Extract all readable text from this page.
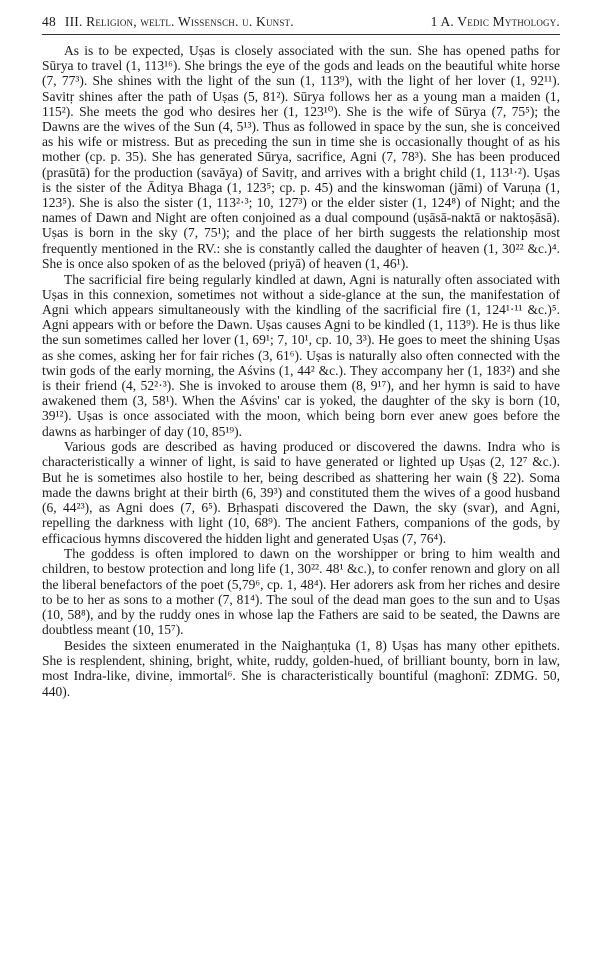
48 III. Religion, weltl. Wissensch. u. Kunst.	1 A. Vedic Mythology.

As is to be expected, Uṣas is closely associated with the sun. She has opened paths for Sūrya to travel (1, 113¹⁶). She brings the eye of the gods and leads on the beautiful white horse (7, 77³). She shines with the light of the sun (1, 113⁹), with the light of her lover (1, 92¹¹). Savitṛ shines after the path of Uṣas (5, 81²). Sūrya follows her as a young man a maiden (1, 115²). She meets the god who desires her (1, 123¹⁰). She is the wife of Sūrya (7, 75⁵); the Dawns are the wives of the Sun (4, 5¹³). Thus as followed in space by the sun, she is conceived as his wife or mistress. But as preceding the sun in time she is occasionally thought of as his mother (cp. p. 35). She has generated Sūrya, sacrifice, Agni (7, 78³). She has been produced (prasūtā) for the production (savāya) of Savitṛ, and arrives with a bright child (1, 113¹·²). Uṣas is the sister of the Āditya Bhaga (1, 123⁵; cp. p. 45) and the kinswoman (jāmi) of Varuṇa (1, 123⁵). She is also the sister (1, 113²·³; 10, 127³) or the elder sister (1, 124⁸) of Night; and the names of Dawn and Night are often conjoined as a dual compound (uṣāsā-naktā or naktoṣāsā). Uṣas is born in the sky (7, 75¹); and the place of her birth suggests the relationship most frequently mentioned in the RV.: she is constantly called the daughter of heaven (1, 30²² &c.)⁴. She is once also spoken of as the beloved (priyā) of heaven (1, 46¹).

The sacrificial fire being regularly kindled at dawn, Agni is naturally often associated with Uṣas in this connexion, sometimes not without a side-glance at the sun, the manifestation of Agni which appears simultaneously with the kindling of the sacrificial fire (1, 124¹·¹¹ &c.)⁵. Agni appears with or before the Dawn. Uṣas causes Agni to be kindled (1, 113⁹). He is thus like the sun sometimes called her lover (1, 69¹; 7, 10¹, cp. 10, 3³). He goes to meet the shining Uṣas as she comes, asking her for fair riches (3, 61⁶). Uṣas is naturally also often connected with the twin gods of the early morning, the Aśvins (1, 44² &c.). They accompany her (1, 183²) and she is their friend (4, 52²·³). She is invoked to arouse them (8, 9¹⁷), and her hymn is said to have awakened them (3, 58¹). When the Aśvins' car is yoked, the daughter of the sky is born (10, 39¹²). Uṣas is once associated with the moon, which being born ever anew goes before the dawns as harbinger of day (10, 85¹⁹).

Various gods are described as having produced or discovered the dawns. Indra who is characteristically a winner of light, is said to have generated or lighted up Uṣas (2, 12⁷ &c.). But he is sometimes also hostile to her, being described as shattering her wain (§ 22). Soma made the dawns bright at their birth (6, 39³) and constituted them the wives of a good husband (6, 44²³), as Agni does (7, 6⁵). Bṛhaspati discovered the Dawn, the sky (svar), and Agni, repelling the darkness with light (10, 68⁹). The ancient Fathers, companions of the gods, by efficacious hymns discovered the hidden light and generated Uṣas (7, 76⁴).

The goddess is often implored to dawn on the worshipper or bring to him wealth and children, to bestow protection and long life (1, 30²². 48¹ &c.), to confer renown and glory on all the liberal benefactors of the poet (5,79⁶, cp. 1, 48⁴). Her adorers ask from her riches and desire to be to her as sons to a mother (7, 81⁴). The soul of the dead man goes to the sun and to Uṣas (10, 58⁸), and by the ruddy ones in whose lap the Fathers are said to be seated, the Dawns are doubtless meant (10, 15⁷).

Besides the sixteen enumerated in the Naighaṇṭuka (1, 8) Uṣas has many other epithets. She is resplendent, shining, bright, white, ruddy, golden-hued, of brilliant bounty, born in law, most Indra-like, divine, immortal⁶. She is characteristically bountiful (maghonī: ZDMG. 50, 440).
